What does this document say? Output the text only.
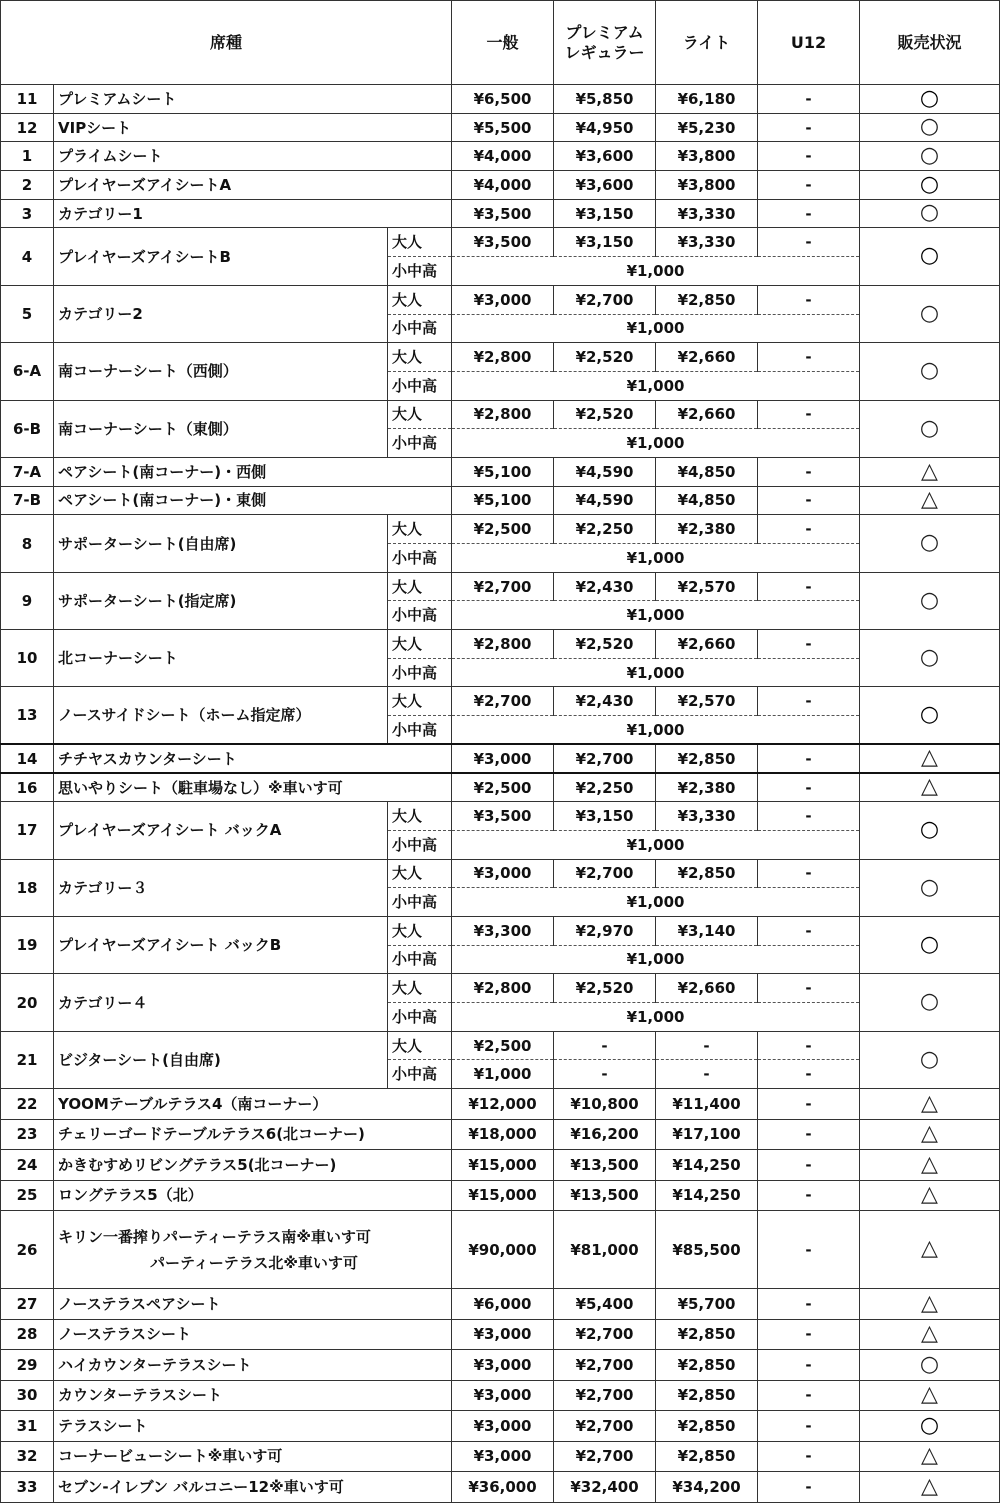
席種			一般	プレミアム
レギュラー	ライト	U12	販売状況
11	プレミアムシート		¥6,500	¥5,850	¥6,180	-	○
12	VIPシート		¥5,500	¥4,950	¥5,230	-	○
1	プライムシート		¥4,000	¥3,600	¥3,800	-	○
2	プレイヤーズアイシートA		¥4,000	¥3,600	¥3,800	-	○
3	カテゴリー1		¥3,500	¥3,150	¥3,330	-	○
4	プレイヤーズアイシートB	大人	¥3,500	¥3,150	¥3,330	-	○
		小中高	¥1,000				
5	カテゴリー2	大人	¥3,000	¥2,700	¥2,850	-	○
		小中高	¥1,000				
6-A	南コーナーシート（西側）	大人	¥2,800	¥2,520	¥2,660	-	○
		小中高	¥1,000				
6-B	南コーナーシート（東側）	大人	¥2,800	¥2,520	¥2,660	-	○
		小中高	¥1,000				
7-A	ペアシート(南コーナー)・西側		¥5,100	¥4,590	¥4,850	-	△
7-B	ペアシート(南コーナー)・東側		¥5,100	¥4,590	¥4,850	-	△
8	サポーターシート(自由席)	大人	¥2,500	¥2,250	¥2,380	-	○
		小中高	¥1,000				
9	サポーターシート(指定席)	大人	¥2,700	¥2,430	¥2,570	-	○
		小中高	¥1,000				
10	北コーナーシート	大人	¥2,800	¥2,520	¥2,660	-	○
		小中高	¥1,000				
13	ノースサイドシート（ホーム指定席）	大人	¥2,700	¥2,430	¥2,570	-	○
		小中高	¥1,000				
14	チチヤスカウンターシート		¥3,000	¥2,700	¥2,850	-	△
16	思いやりシート（駐車場なし）※車いす可		¥2,500	¥2,250	¥2,380	-	△
17	プレイヤーズアイシート バックA	大人	¥3,500	¥3,150	¥3,330	-	○
		小中高	¥1,000				
18	カテゴリー３	大人	¥3,000	¥2,700	¥2,850	-	○
		小中高	¥1,000				
19	プレイヤーズアイシート バックB	大人	¥3,300	¥2,970	¥3,140	-	○
		小中高	¥1,000				
20	カテゴリー４	大人	¥2,800	¥2,520	¥2,660	-	○
		小中高	¥1,000				
21	ビジターシート(自由席)	大人	¥2,500	-	-	-	○
		小中高	¥1,000	-	-	-	
22	YOOMテーブルテラス4（南コーナー）		¥12,000	¥10,800	¥11,400	-	△
23	チェリーゴードテーブルテラス6(北コーナー)		¥18,000	¥16,200	¥17,100	-	△
24	かきむすめリビングテラス5(北コーナー)		¥15,000	¥13,500	¥14,250	-	△
25	ロングテラス5（北）		¥15,000	¥13,500	¥14,250	-	△
26	キリン一番搾りパーティーテラス南※車いす可
パーティーテラス北※車いす可		¥90,000	¥81,000	¥85,500	-	△
27	ノーステラスペアシート		¥6,000	¥5,400	¥5,700	-	△
28	ノーステラスシート		¥3,000	¥2,700	¥2,850	-	△
29	ハイカウンターテラスシート		¥3,000	¥2,700	¥2,850	-	○
30	カウンターテラスシート		¥3,000	¥2,700	¥2,850	-	△
31	テラスシート		¥3,000	¥2,700	¥2,850	-	○
32	コーナービューシート※車いす可		¥3,000	¥2,700	¥2,850	-	△
33	セブン-イレブン バルコニー12※車いす可		¥36,000	¥32,400	¥34,200	-	△
